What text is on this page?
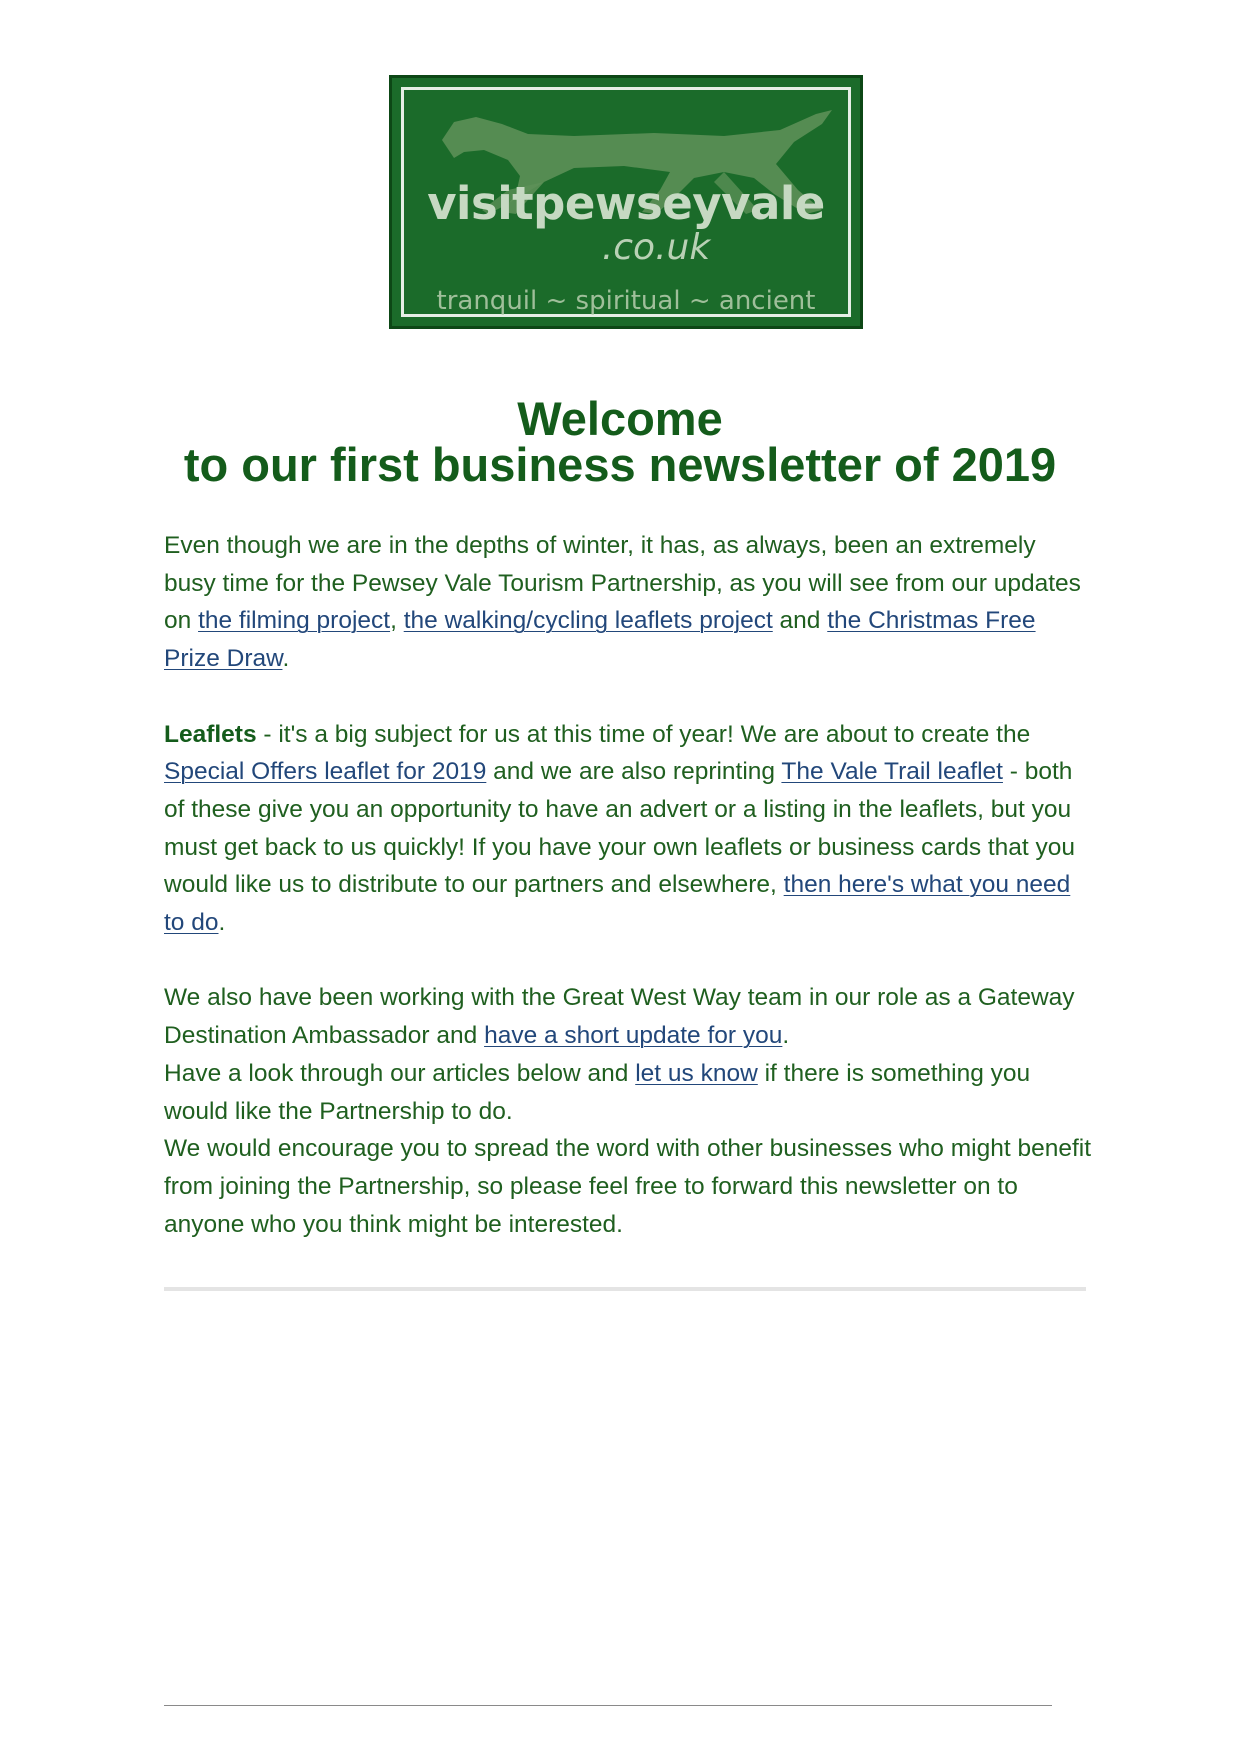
visitpewseyvale
.co.uk
tranquil ~ spiritual ~ ancient
Welcome
to our first business newsletter of 2019

Even though we are in the depths of winter, it has, as always, been an extremely busy time for the Pewsey Vale Tourism Partnership, as you will see from our updates on the filming project, the walking/cycling leaflets project and the Christmas Free Prize Draw.

Leaflets - it's a big subject for us at this time of year! We are about to create the Special Offers leaflet for 2019 and we are also reprinting The Vale Trail leaflet - both of these give you an opportunity to have an advert or a listing in the leaflets, but you must get back to us quickly! If you have your own leaflets or business cards that you would like us to distribute to our partners and elsewhere, then here's what you need to do.

We also have been working with the Great West Way team in our role as a Gateway Destination Ambassador and have a short update for you.

Have a look through our articles below and let us know if there is something you would like the Partnership to do.

We would encourage you to spread the word with other businesses who might benefit from joining the Partnership, so please feel free to forward this newsletter on to anyone who you think might be interested.
